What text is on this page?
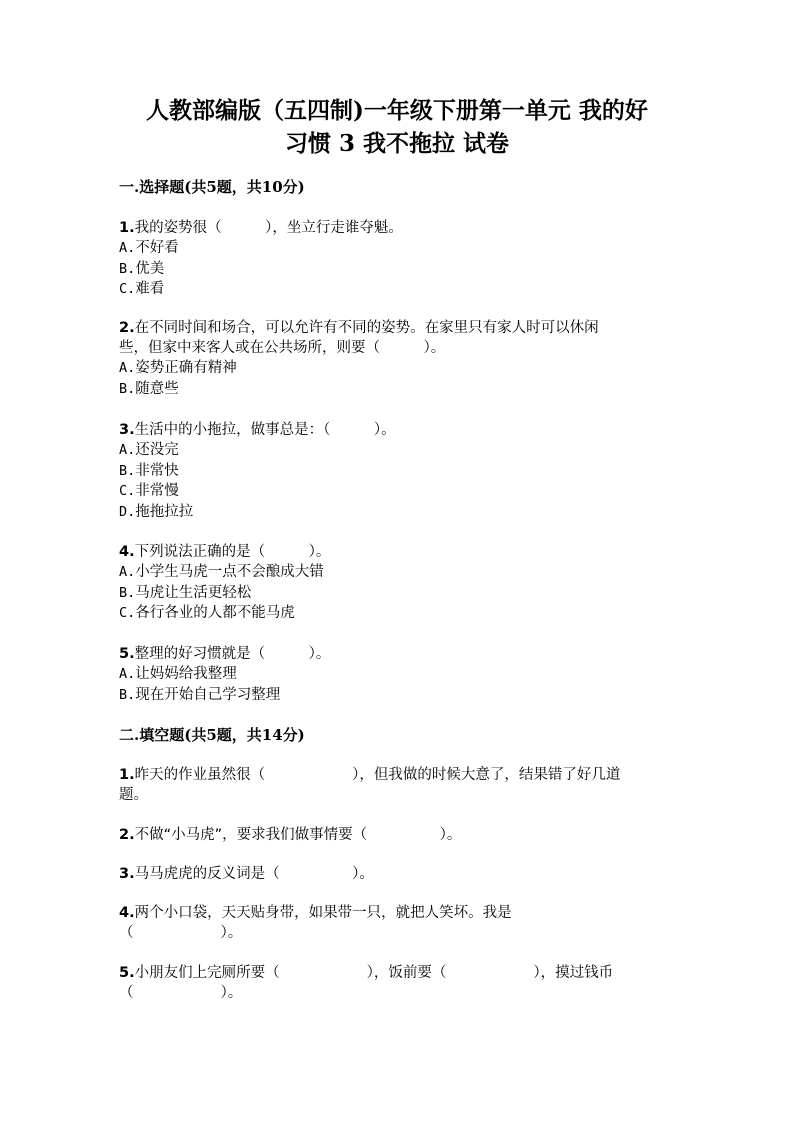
人教部编版（五四制)一年级下册第一单元 我的好
习惯 3 我不拖拉 试卷
一.选择题(共5题，共10分)
1.我的姿势很（　　　），坐立行走谁夺魁。
A.不好看
B.优美
C.难看
2.在不同时间和场合，可以允许有不同的姿势。在家里只有家人时可以休闲
些，但家中来客人或在公共场所，则要（　　　）。
A.姿势正确有精神
B.随意些
3.生活中的小拖拉，做事总是：（　　　）。
A.还没完
B.非常快
C.非常慢
D.拖拖拉拉
4.下列说法正确的是（　　　）。
A.小学生马虎一点不会酿成大错
B.马虎让生活更轻松
C.各行各业的人都不能马虎
5.整理的好习惯就是（　　　）。
A.让妈妈给我整理
B.现在开始自己学习整理
二.填空题(共5题，共14分)
1.昨天的作业虽然很（　　　　　　），但我做的时候大意了，结果错了好几道
题。
2.不做“小马虎”，要求我们做事情要（　　　　　）。
3.马马虎虎的反义词是（　　　　　）。
4.两个小口袋，天天贴身带，如果带一只，就把人笑坏。我是
（　　　　　　）。
5.小朋友们上完厕所要（　　　　　　），饭前要（　　　　　　），摸过钱币
（　　　　　　）。
